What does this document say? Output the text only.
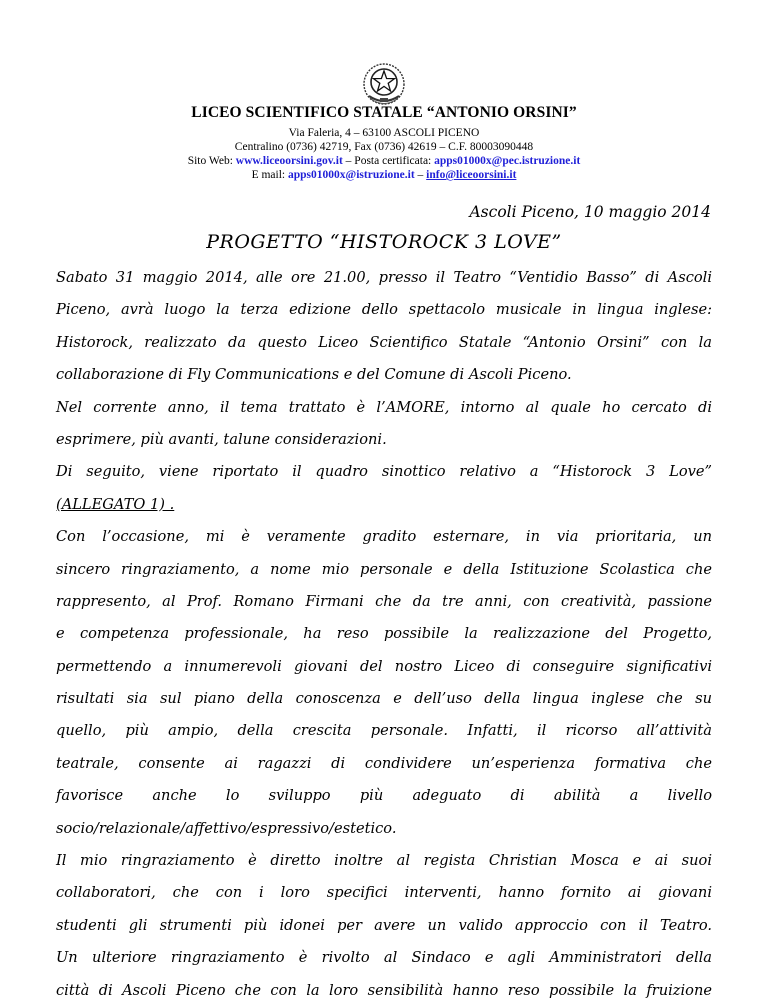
LICEO SCIENTIFICO STATALE “ANTONIO ORSINI”
Via Faleria, 4 – 63100 ASCOLI PICENO
Centralino (0736) 42719, Fax (0736) 42619 – C.F. 80003090448
Sito Web: www.liceoorsini.gov.it – Posta certificata: apps01000x@pec.istruzione.it
E mail: apps01000x@istruzione.it – info@liceoorsini.it
Ascoli Piceno, 10 maggio 2014
PROGETTO “HISTOROCK 3 LOVE”
Sabato 31 maggio 2014, alle ore 21.00, presso il Teatro “Ventidio Basso” di Ascoli
Piceno, avrà luogo la terza edizione dello spettacolo musicale in lingua inglese:
Historock, realizzato da questo Liceo Scientifico Statale “Antonio Orsini” con la
collaborazione di Fly Communications e del Comune di Ascoli Piceno.
Nel corrente anno, il tema trattato è l’AMORE, intorno al quale ho cercato di
esprimere, più avanti, talune considerazioni.
Di seguito, viene riportato il quadro sinottico relativo a “Historock 3 Love”
(ALLEGATO 1) .
Con l’occasione, mi è veramente gradito esternare, in via prioritaria, un
sincero ringraziamento, a nome mio personale e della Istituzione Scolastica che
rappresento, al Prof. Romano Firmani che da tre anni, con creatività, passione
e competenza professionale, ha reso possibile la realizzazione del Progetto,
permettendo a innumerevoli giovani del nostro Liceo di conseguire significativi
risultati sia sul piano della conoscenza e dell’uso della lingua inglese che su
quello, più ampio, della crescita personale. Infatti, il ricorso all’attività
teatrale, consente ai ragazzi di condividere un’esperienza formativa che
favorisce anche lo sviluppo più adeguato di abilità a livello
socio/relazionale/affettivo/espressivo/estetico.
Il mio ringraziamento è diretto inoltre al regista Christian Mosca e ai suoi
collaboratori, che con i loro specifici interventi, hanno fornito ai giovani
studenti gli strumenti più idonei per avere un valido approccio con il Teatro.
Un ulteriore ringraziamento è rivolto al Sindaco e agli Amministratori della
città di Ascoli Piceno che con la loro sensibilità hanno reso possibile la fruizione
